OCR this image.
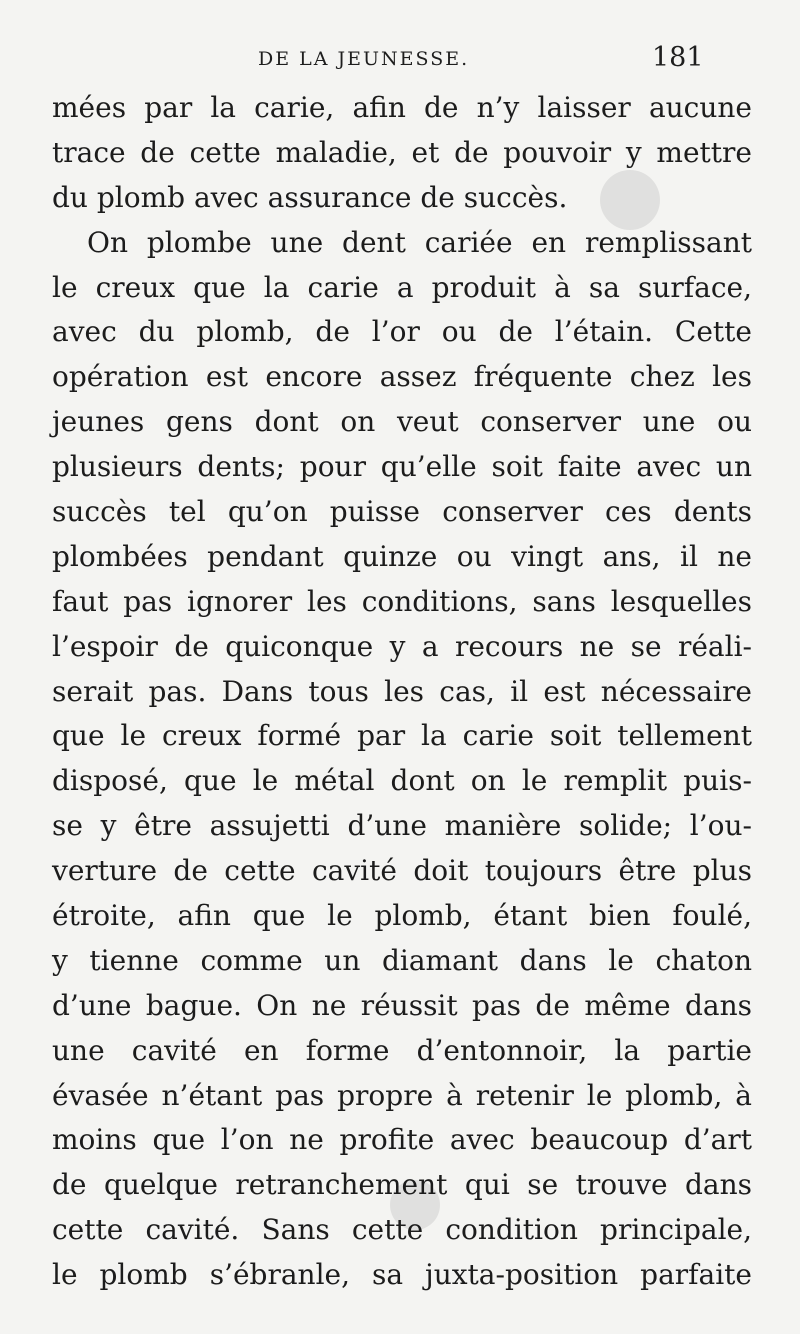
DE LA JEUNESSE.	181
mées par la carie, afin de n’y laisser aucune
trace de cette maladie, et de pouvoir y mettre
du plomb avec assurance de succès.
On plombe une dent cariée en remplissant
le creux que la carie a produit à sa surface,
avec du plomb, de l’or ou de l’étain. Cette
opération est encore assez fréquente chez les
jeunes gens dont on veut conserver une ou
plusieurs dents; pour qu’elle soit faite avec un
succès tel qu’on puisse conserver ces dents
plombées pendant quinze ou vingt ans, il ne
faut pas ignorer les conditions, sans lesquelles
l’espoir de quiconque y a recours ne se réali-
serait pas. Dans tous les cas, il est nécessaire
que le creux formé par la carie soit tellement
disposé, que le métal dont on le remplit puis-
se y être assujetti d’une manière solide; l’ou-
verture de cette cavité doit toujours être plus
étroite, afin que le plomb, étant bien foulé,
y tienne comme un diamant dans le chaton
d’une bague. On ne réussit pas de même dans
une cavité en forme d’entonnoir, la partie
évasée n’étant pas propre à retenir le plomb, à
moins que l’on ne profite avec beaucoup d’art
de quelque retranchement qui se trouve dans
cette cavité. Sans cette condition principale,
le plomb s’ébranle, sa juxta-position parfaite
